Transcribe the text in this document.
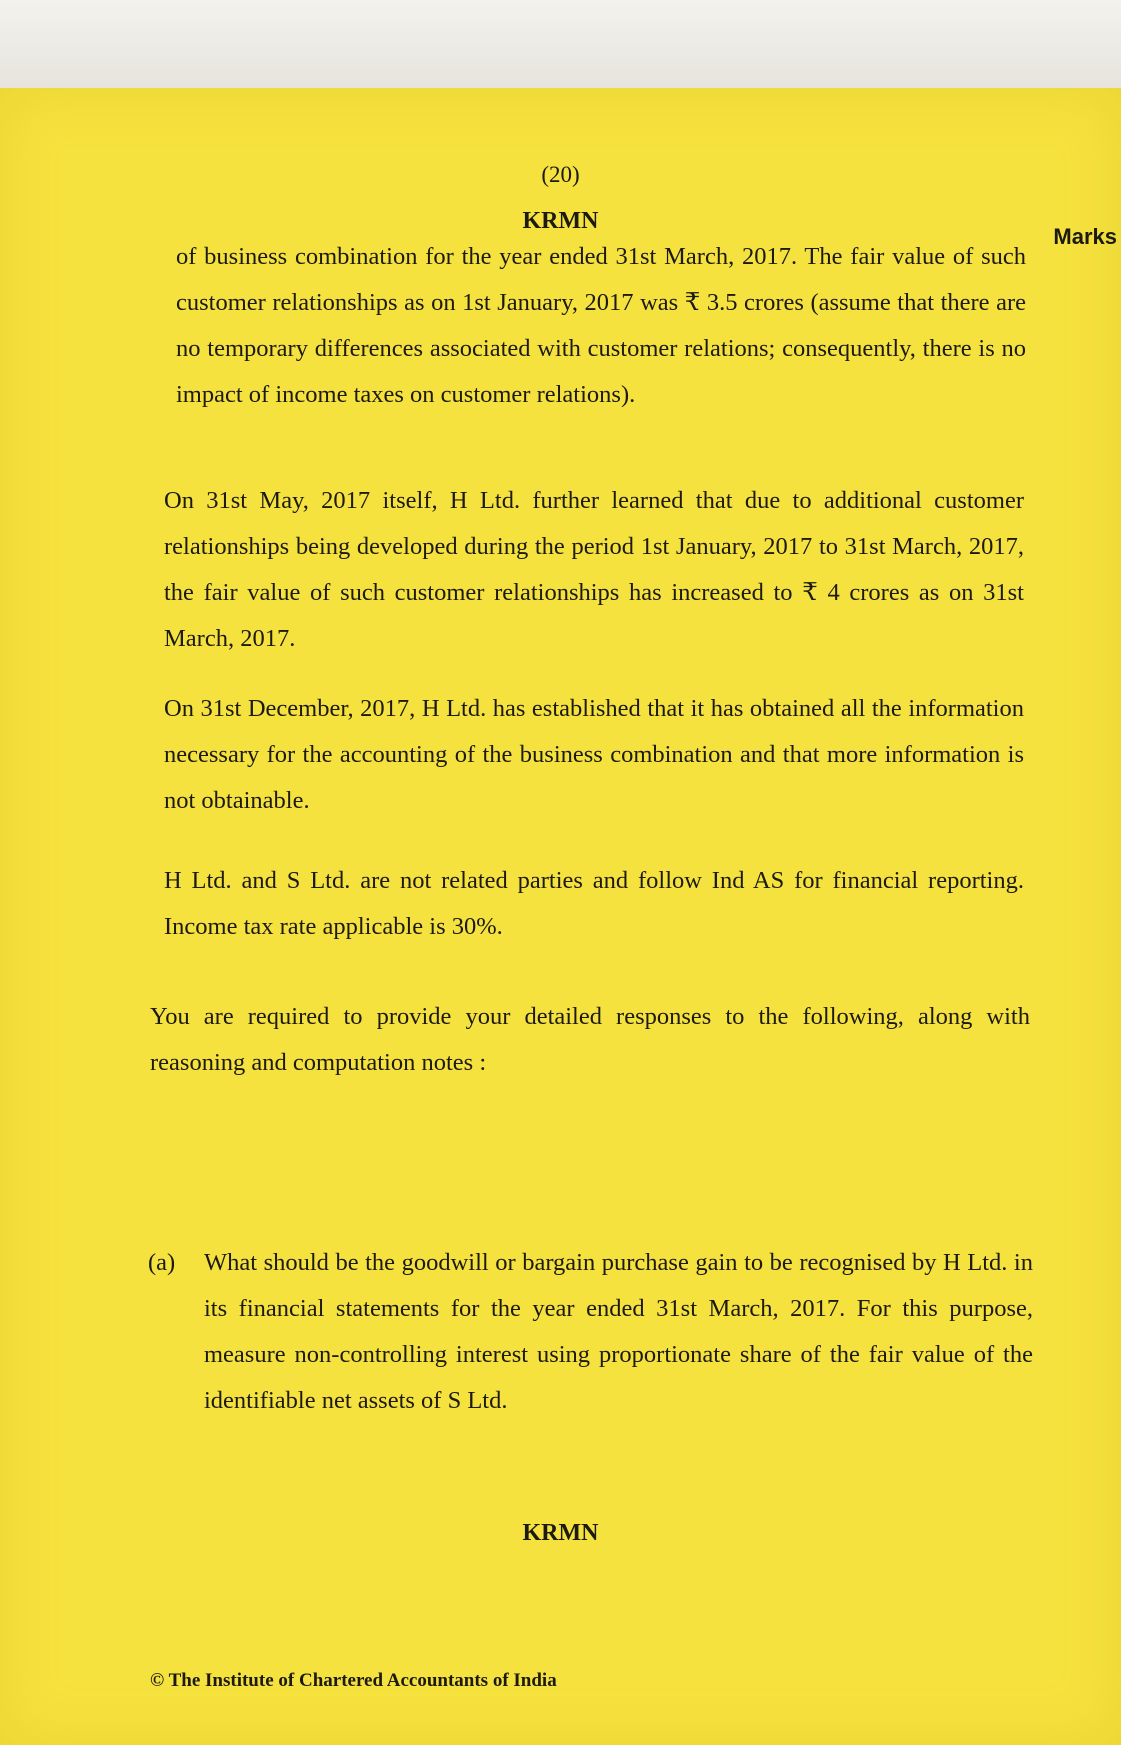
(20)
KRMN
Marks

of business combination for the year ended 31st March, 2017. The fair value of such customer relationships as on 1st January, 2017 was ₹ 3.5 crores (assume that there are no temporary differences associated with customer relations; consequently, there is no impact of income taxes on customer relations).

On 31st May, 2017 itself, H Ltd. further learned that due to additional customer relationships being developed during the period 1st January, 2017 to 31st March, 2017, the fair value of such customer relationships has increased to ₹ 4 crores as on 31st March, 2017.

On 31st December, 2017, H Ltd. has established that it has obtained all the information necessary for the accounting of the business combination and that more information is not obtainable.

H Ltd. and S Ltd. are not related parties and follow Ind AS for financial reporting. Income tax rate applicable is 30%.

You are required to provide your detailed responses to the following, along with reasoning and computation notes :

(a) What should be the goodwill or bargain purchase gain to be recognised by H Ltd. in its financial statements for the year ended 31st March, 2017. For this purpose, measure non-controlling interest using proportionate share of the fair value of the identifiable net assets of S Ltd.
KRMN
© The Institute of Chartered Accountants of India
